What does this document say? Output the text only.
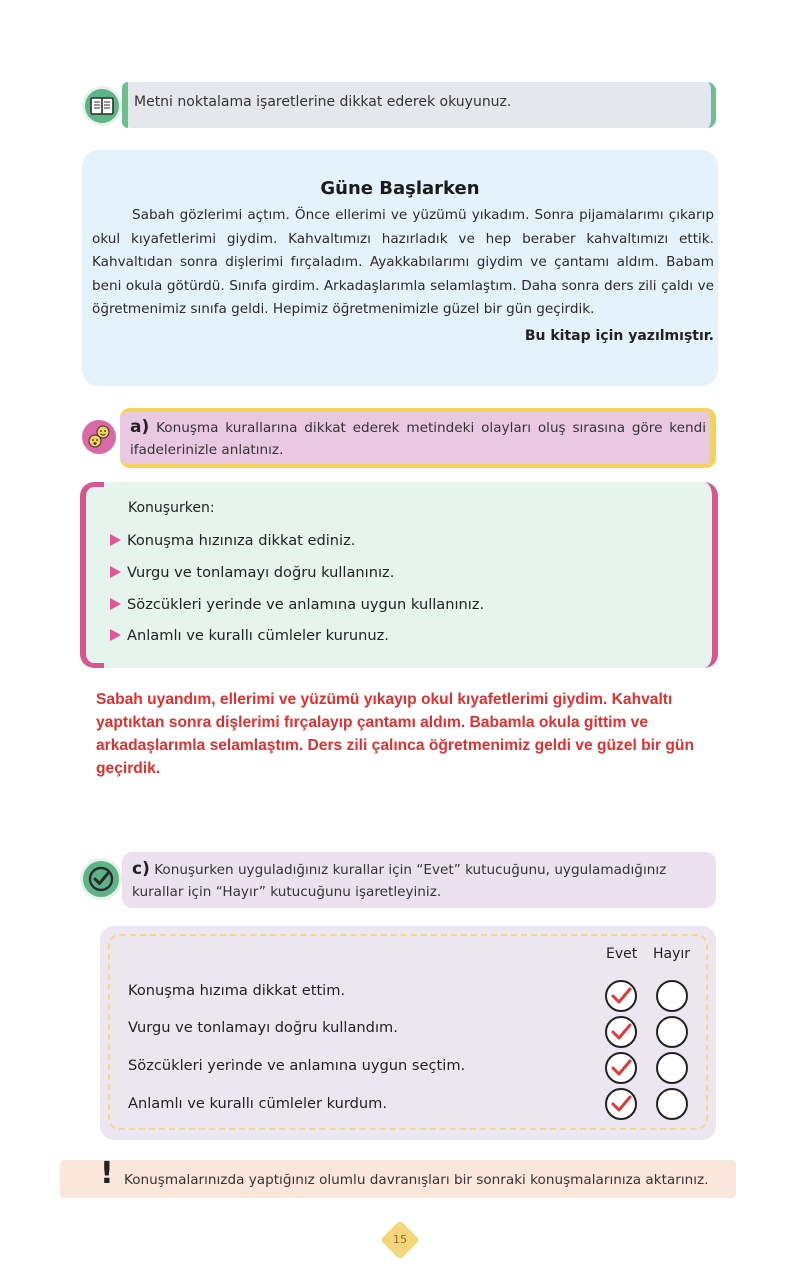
Metni noktalama işaretlerine dikkat ederek okuyunuz.
Güne Başlarken
Sabah gözlerimi açtım. Önce ellerimi ve yüzümü yıkadım. Sonra pijamalarımı çıkarıp okul kıyafetlerimi giydim. Kahvaltımızı hazırladık ve hep beraber kahvaltımızı ettik. Kahvaltıdan sonra dişlerimi fırçaladım. Ayakkabılarımı giydim ve çantamı aldım. Babam beni okula götürdü. Sınıfa girdim. Arkadaşlarımla selamlaştım. Daha sonra ders zili çaldı ve öğretmenimiz sınıfa geldi. Hepimiz öğretmenimizle güzel bir gün geçirdik.
Bu kitap için yazılmıştır.
a) Konuşma kurallarına dikkat ederek metindeki olayları oluş sırasına göre kendi ifadelerinizle anlatınız.
Konuşurken:
Konuşma hızınıza dikkat ediniz.
Vurgu ve tonlamayı doğru kullanınız.
Sözcükleri yerinde ve anlamına uygun kullanınız.
Anlamlı ve kurallı cümleler kurunuz.
Sabah uyandım, ellerimi ve yüzümü yıkayıp okul kıyafetlerimi giydim. Kahvaltı yaptıktan sonra dişlerimi fırçalayıp çantamı aldım. Babamla okula gittim ve arkadaşlarımla selamlaştım. Ders zili çalınca öğretmenimiz geldi ve güzel bir gün geçirdik.
c) Konuşurken uyguladığınız kurallar için “Evet” kutucuğunu, uygulamadığınız kurallar için “Hayır” kutucuğunu işaretleyiniz.
Evet Hayır
Konuşma hızıma dikkat ettim.
Vurgu ve tonlamayı doğru kullandım.
Sözcükleri yerinde ve anlamına uygun seçtim.
Anlamlı ve kurallı cümleler kurdum.
! Konuşmalarınızda yaptığınız olumlu davranışları bir sonraki konuşmalarınıza aktarınız.
15
